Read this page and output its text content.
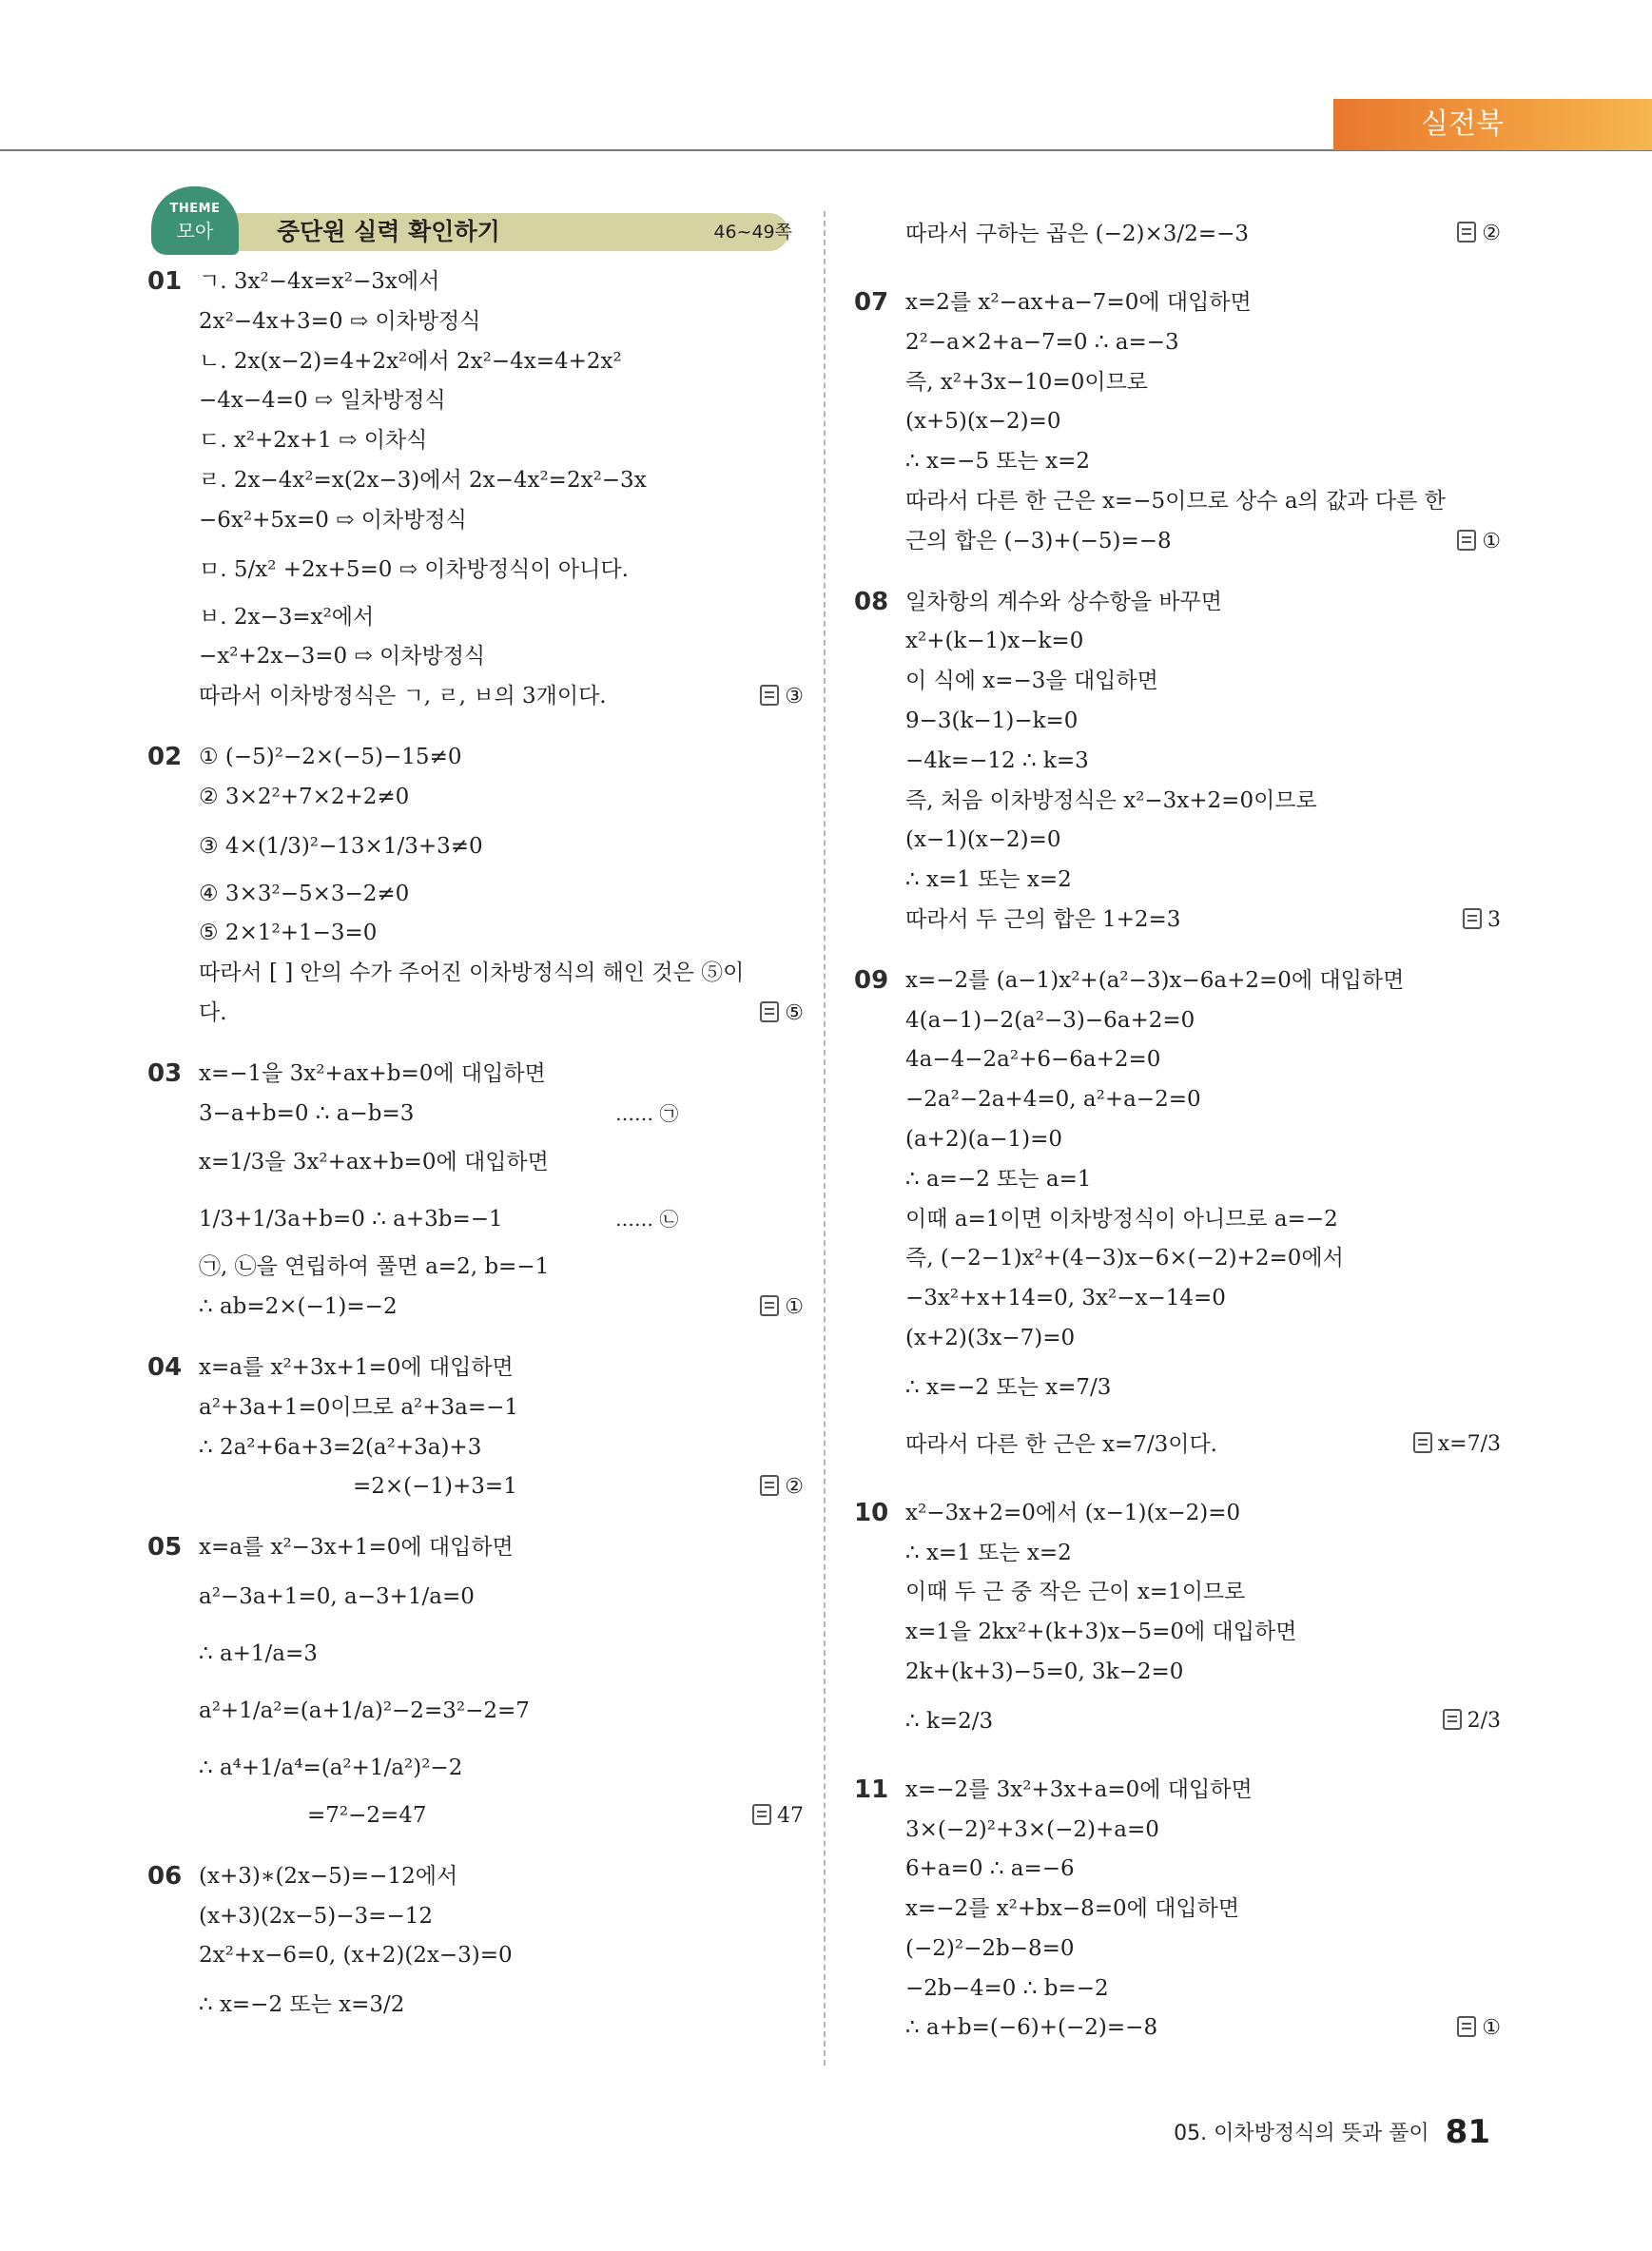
실전북
THEME
모아	중단원 실력 확인하기	46~49쪽
01 ㄱ. 3x²−4x=x²−3x에서
2x²−4x+3=0 ⇨ 이차방정식
ㄴ. 2x(x−2)=4+2x²에서 2x²−4x=4+2x²
−4x−4=0 ⇨ 일차방정식
ㄷ. x²+2x+1 ⇨ 이차식
ㄹ. 2x−4x²=x(2x−3)에서 2x−4x²=2x²−3x
−6x²+5x=0 ⇨ 이차방정식
ㅁ. 5/x² +2x+5=0 ⇨ 이차방정식이 아니다.
ㅂ. 2x−3=x²에서
−x²+2x−3=0 ⇨ 이차방정식
따라서 이차방정식은 ㄱ, ㄹ, ㅂ의 3개이다.	③
02 ① (−5)²−2×(−5)−15≠0
② 3×2²+7×2+2≠0
③ 4×(1/3)²−13×1/3+3≠0
④ 3×3²−5×3−2≠0
⑤ 2×1²+1−3=0
따라서 [ ] 안의 수가 주어진 이차방정식의 해인 것은 ⑤이
다.	⑤
03 x=−1을 3x²+ax+b=0에 대입하면
3−a+b=0 ∴ a−b=3	…… ㉠
x=1/3을 3x²+ax+b=0에 대입하면
1/3+1/3a+b=0 ∴ a+3b=−1	…… ㉡
㉠, ㉡을 연립하여 풀면 a=2, b=−1
∴ ab=2×(−1)=−2	①
04 x=a를 x²+3x+1=0에 대입하면
a²+3a+1=0이므로 a²+3a=−1
∴ 2a²+6a+3=2(a²+3a)+3
=2×(−1)+3=1	②
05 x=a를 x²−3x+1=0에 대입하면
a²−3a+1=0, a−3+1/a=0
∴ a+1/a=3
a²+1/a²=(a+1/a)²−2=3²−2=7
∴ a⁴+1/a⁴=(a²+1/a²)²−2
=7²−2=47	47
06 (x+3)∗(2x−5)=−12에서
(x+3)(2x−5)−3=−12
2x²+x−6=0, (x+2)(2x−3)=0
∴ x=−2 또는 x=3/2
따라서 구하는 곱은 (−2)×3/2=−3	②
07 x=2를 x²−ax+a−7=0에 대입하면
2²−a×2+a−7=0 ∴ a=−3
즉, x²+3x−10=0이므로
(x+5)(x−2)=0
∴ x=−5 또는 x=2
따라서 다른 한 근은 x=−5이므로 상수 a의 값과 다른 한
근의 합은 (−3)+(−5)=−8	①
08 일차항의 계수와 상수항을 바꾸면
x²+(k−1)x−k=0
이 식에 x=−3을 대입하면
9−3(k−1)−k=0
−4k=−12 ∴ k=3
즉, 처음 이차방정식은 x²−3x+2=0이므로
(x−1)(x−2)=0
∴ x=1 또는 x=2
따라서 두 근의 합은 1+2=3	3
09 x=−2를 (a−1)x²+(a²−3)x−6a+2=0에 대입하면
4(a−1)−2(a²−3)−6a+2=0
4a−4−2a²+6−6a+2=0
−2a²−2a+4=0, a²+a−2=0
(a+2)(a−1)=0
∴ a=−2 또는 a=1
이때 a=1이면 이차방정식이 아니므로 a=−2
즉, (−2−1)x²+(4−3)x−6×(−2)+2=0에서
−3x²+x+14=0, 3x²−x−14=0
(x+2)(3x−7)=0
∴ x=−2 또는 x=7/3
따라서 다른 한 근은 x=7/3이다.	x=7/3
10 x²−3x+2=0에서 (x−1)(x−2)=0
∴ x=1 또는 x=2
이때 두 근 중 작은 근이 x=1이므로
x=1을 2kx²+(k+3)x−5=0에 대입하면
2k+(k+3)−5=0, 3k−2=0
∴ k=2/3	2/3
11 x=−2를 3x²+3x+a=0에 대입하면
3×(−2)²+3×(−2)+a=0
6+a=0 ∴ a=−6
x=−2를 x²+bx−8=0에 대입하면
(−2)²−2b−8=0
−2b−4=0 ∴ b=−2
∴ a+b=(−6)+(−2)=−8	①
05. 이차방정식의 뜻과 풀이 81
